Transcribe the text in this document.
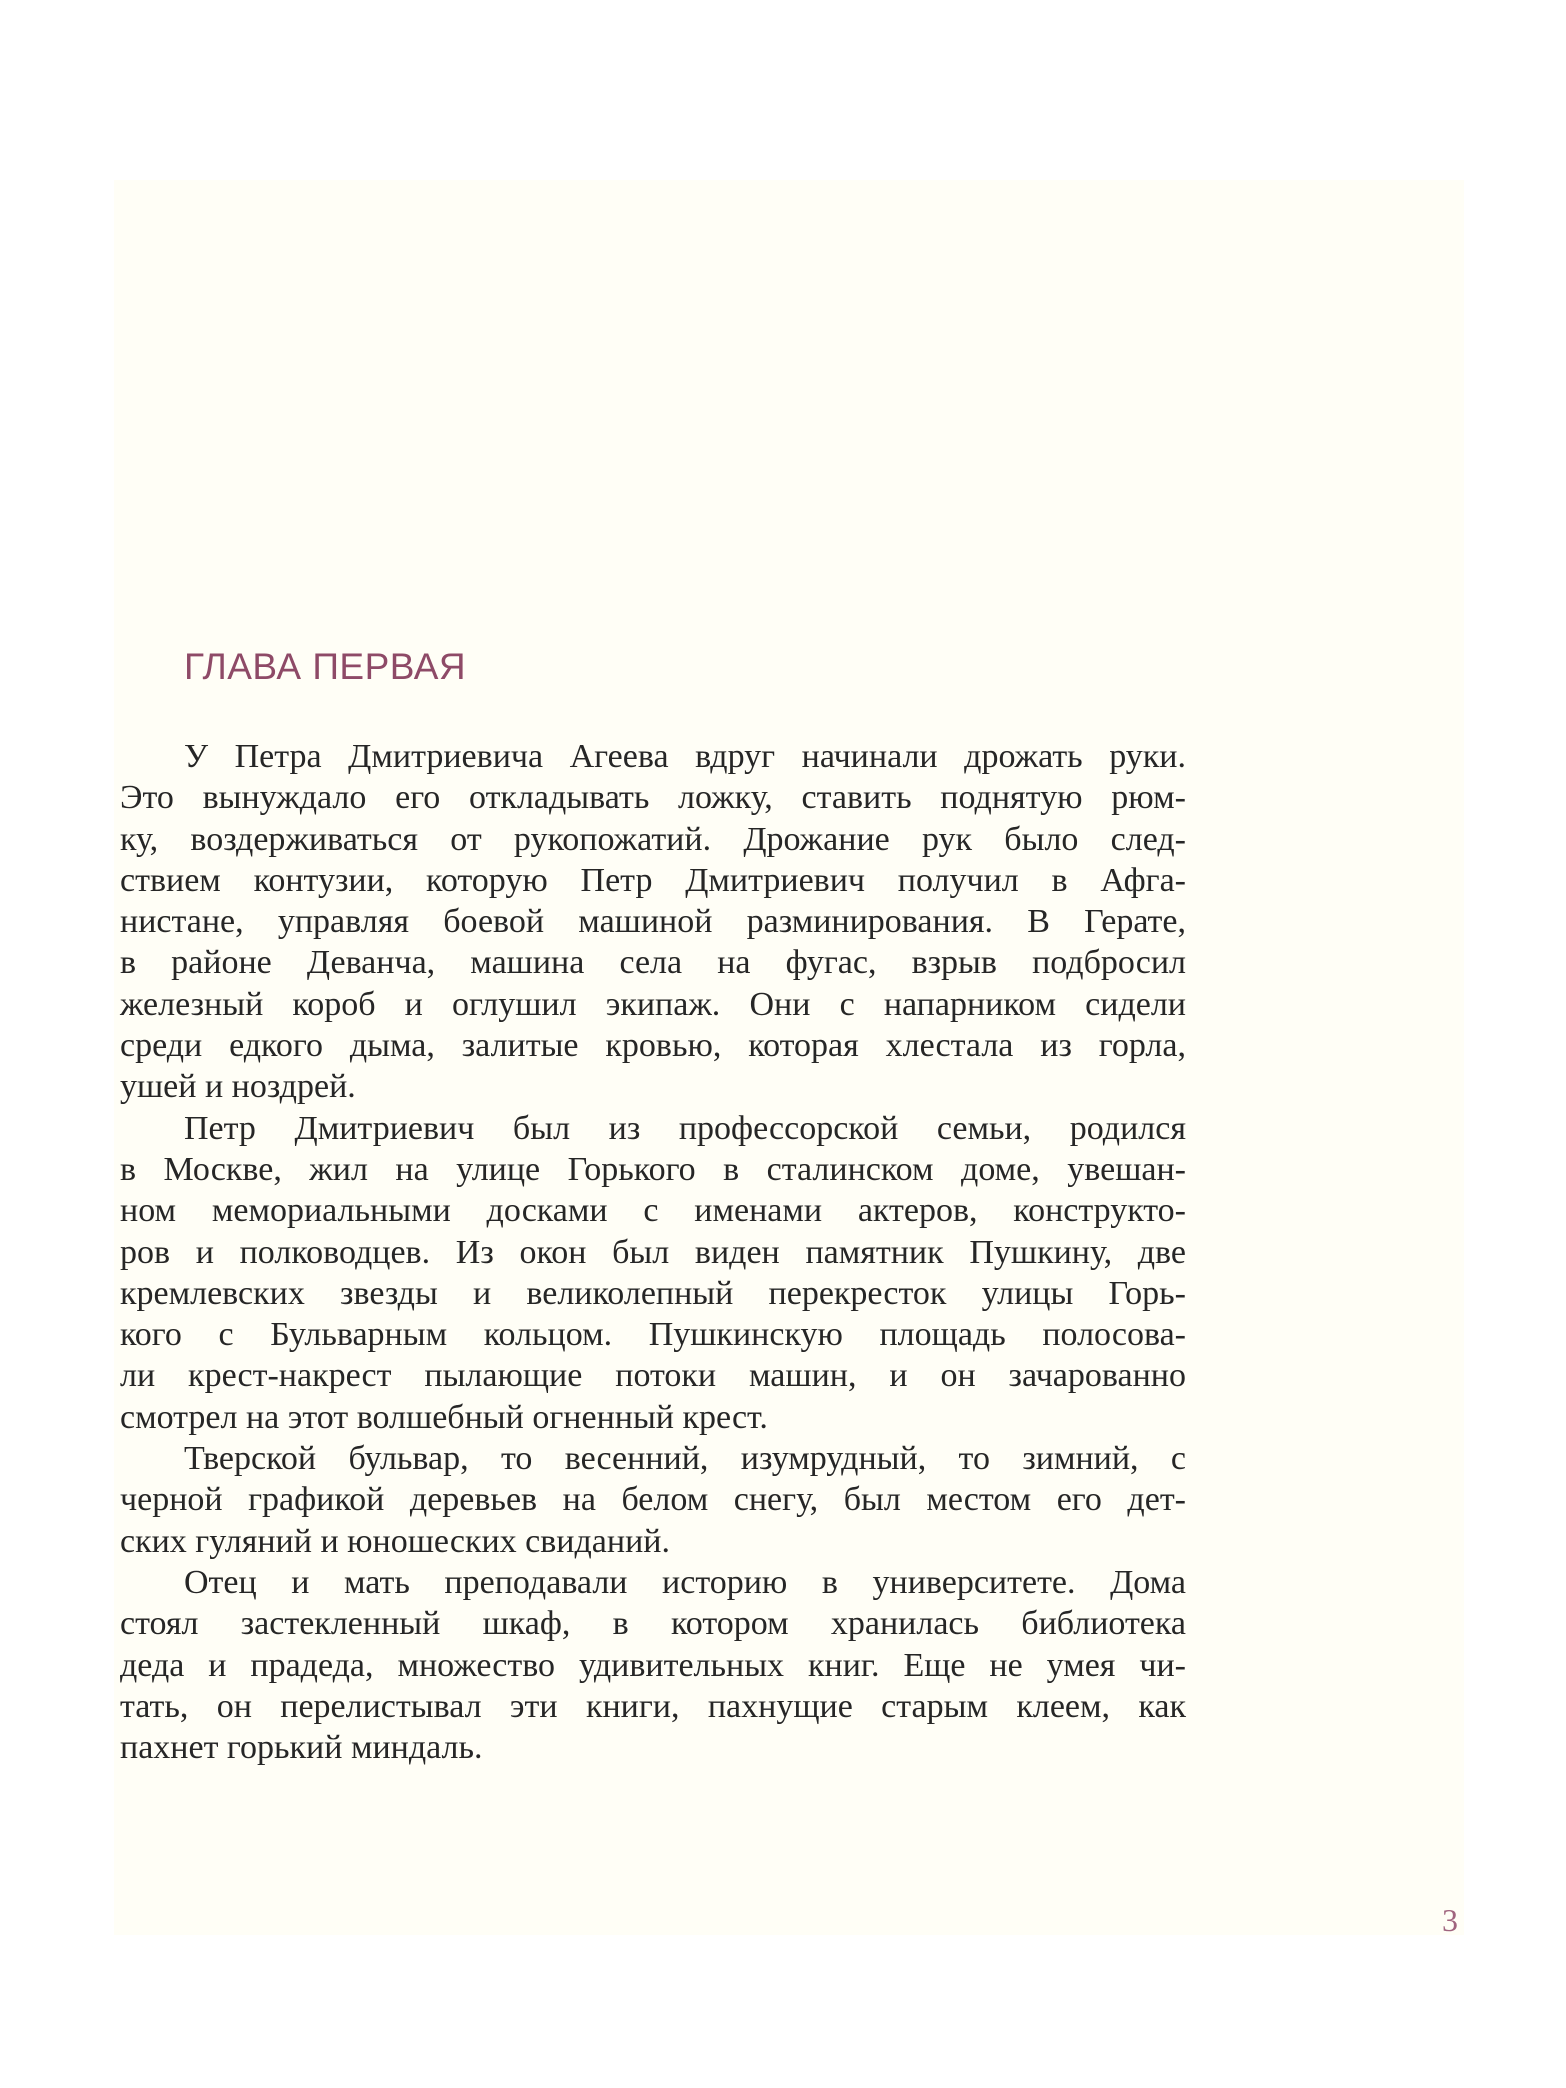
ГЛАВА ПЕРВАЯ

У Петра Дмитриевича Агеева вдруг начинали дрожать руки.
Это вынуждало его откладывать ложку, ставить поднятую рюм-
ку, воздерживаться от рукопожатий. Дрожание рук было след-
ствием контузии, которую Петр Дмитриевич получил в Афга-
нистане, управляя боевой машиной разминирования. В Герате,
в районе Деванча, машина села на фугас, взрыв подбросил
железный короб и оглушил экипаж. Они с напарником сидели
среди едкого дыма, залитые кровью, которая хлестала из горла,
ушей и ноздрей.

Петр Дмитриевич был из профессорской семьи, родился
в Москве, жил на улице Горького в сталинском доме, увешан-
ном мемориальными досками с именами актеров, конструкто-
ров и полководцев. Из окон был виден памятник Пушкину, две
кремлевских звезды и великолепный перекресток улицы Горь-
кого с Бульварным кольцом. Пушкинскую площадь полосова-
ли крест-накрест пылающие потоки машин, и он зачарованно
смотрел на этот волшебный огненный крест.

Тверской бульвар, то весенний, изумрудный, то зимний, с
черной графикой деревьев на белом снегу, был местом его дет-
ских гуляний и юношеских свиданий.

Отец и мать преподавали историю в университете. Дома
стоял застекленный шкаф, в котором хранилась библиотека
деда и прадеда, множество удивительных книг. Еще не умея чи-
тать, он перелистывал эти книги, пахнущие старым клеем, как
пахнет горький миндаль.

3
